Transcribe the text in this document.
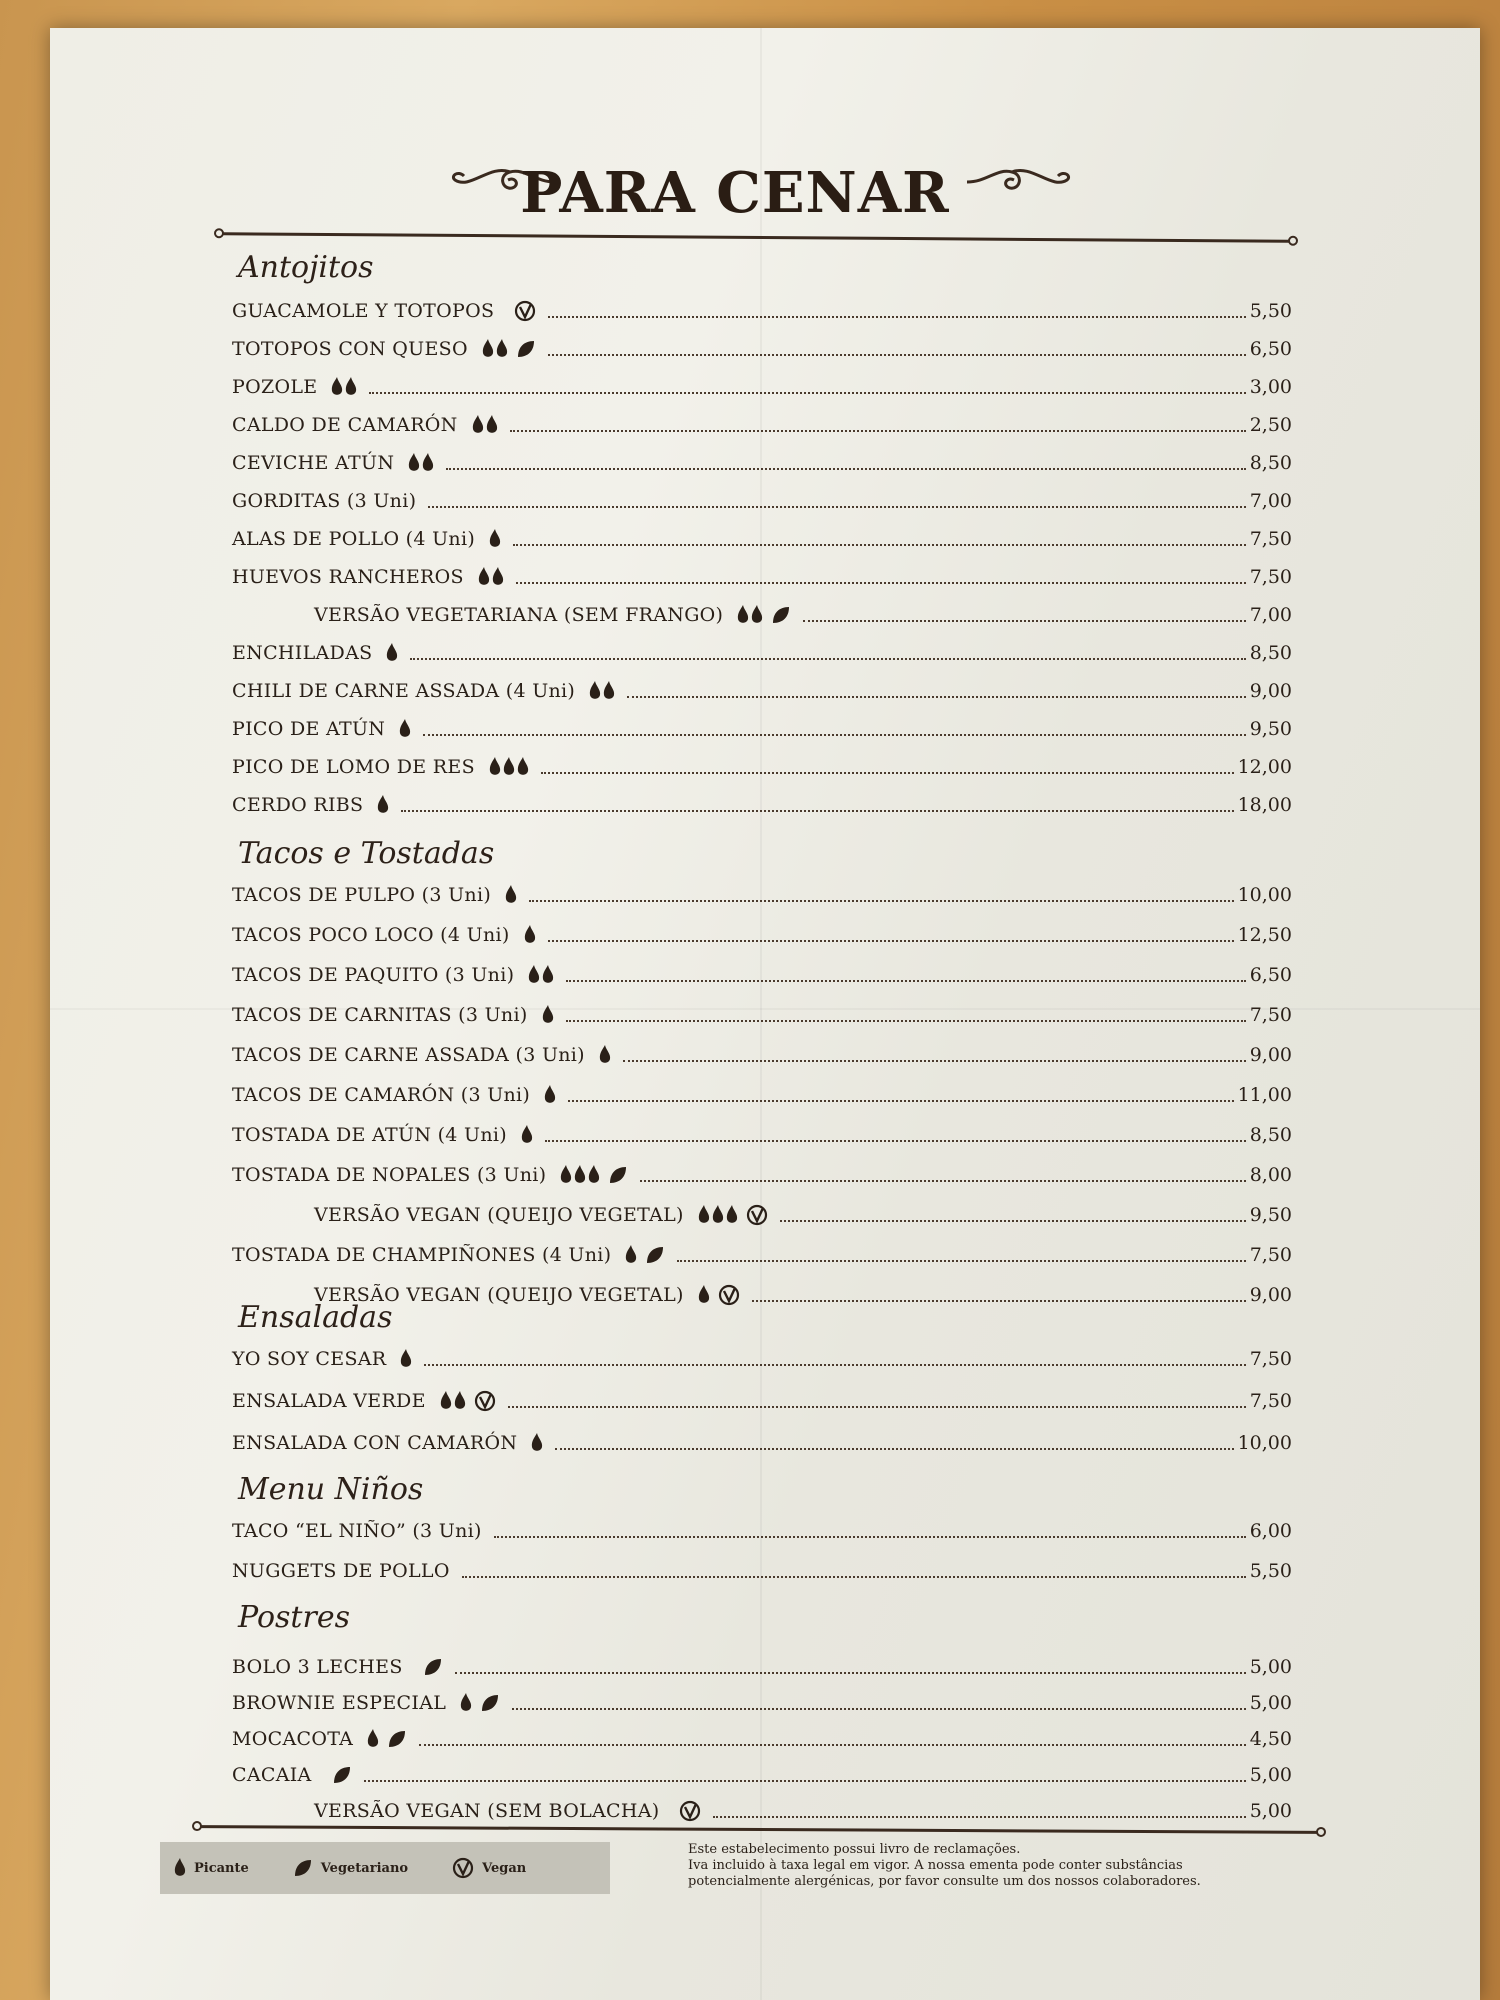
PARA CENAR
Antojitos
GUACAMOLE Y TOTOPOS	5,50
TOTOPOS CON QUESO	6,50
POZOLE	3,00
CALDO DE CAMARÓN	2,50
CEVICHE ATÚN	8,50
GORDITAS (3 Uni)	7,00
ALAS DE POLLO (4 Uni)	7,50
HUEVOS RANCHEROS	7,50
VERSÃO VEGETARIANA (SEM FRANGO)	7,00
ENCHILADAS	8,50
CHILI DE CARNE ASSADA (4 Uni)	9,00
PICO DE ATÚN	9,50
PICO DE LOMO DE RES	12,00
CERDO RIBS	18,00
Tacos e Tostadas
TACOS DE PULPO (3 Uni)	10,00
TACOS POCO LOCO (4 Uni)	12,50
TACOS DE PAQUITO (3 Uni)	6,50
TACOS DE CARNITAS (3 Uni)	7,50
TACOS DE CARNE ASSADA (3 Uni)	9,00
TACOS DE CAMARÓN (3 Uni)	11,00
TOSTADA DE ATÚN (4 Uni)	8,50
TOSTADA DE NOPALES (3 Uni)	8,00
VERSÃO VEGAN (QUEIJO VEGETAL)	9,50
TOSTADA DE CHAMPIÑONES (4 Uni)	7,50
VERSÃO VEGAN (QUEIJO VEGETAL)	9,00
Ensaladas
YO SOY CESAR	7,50
ENSALADA VERDE	7,50
ENSALADA CON CAMARÓN	10,00
Menu Niños
TACO “EL NIÑO” (3 Uni)	6,00
NUGGETS DE POLLO	5,50
Postres
BOLO 3 LECHES	5,00
BROWNIE ESPECIAL	5,00
MOCACOTA	4,50
CACAIA	5,00
VERSÃO VEGAN (SEM BOLACHA)	5,00
Picante	Vegetariano	Vegan
Este estabelecimento possui livro de reclamações.
Iva incluido à taxa legal em vigor. A nossa ementa pode conter substâncias
potencialmente alergénicas, por favor consulte um dos nossos colaboradores.
